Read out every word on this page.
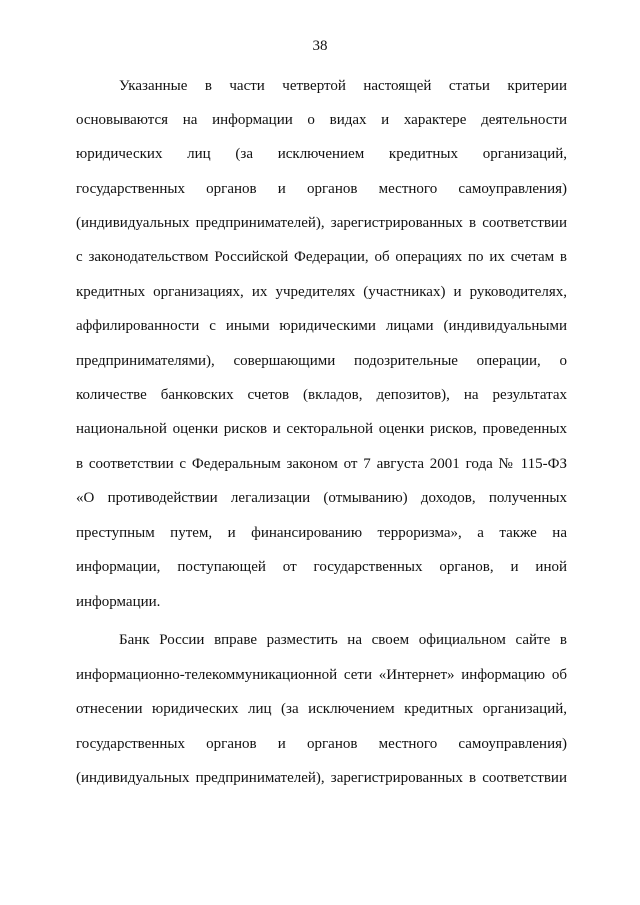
38
Указанные в части четвертой настоящей статьи критерии
основываются на информации о видах и характере деятельности
юридических лиц (за исключением кредитных организаций,
государственных органов и органов местного самоуправления)
(индивидуальных предпринимателей), зарегистрированных в соответствии
с законодательством Российской Федерации, об операциях по их счетам в
кредитных организациях, их учредителях (участниках) и руководителях,
аффилированности с иными юридическими лицами (индивидуальными
предпринимателями), совершающими подозрительные операции, о
количестве банковских счетов (вкладов, депозитов), на результатах
национальной оценки рисков и секторальной оценки рисков, проведенных
в соответствии с Федеральным законом от 7 августа 2001 года № 115-ФЗ
«О противодействии легализации (отмыванию) доходов, полученных
преступным путем, и финансированию терроризма», а также на
информации, поступающей от государственных органов, и иной
информации.
Банк России вправе разместить на своем официальном сайте в
информационно-телекоммуникационной сети «Интернет» информацию об
отнесении юридических лиц (за исключением кредитных организаций,
государственных органов и органов местного самоуправления)
(индивидуальных предпринимателей), зарегистрированных в соответствии
